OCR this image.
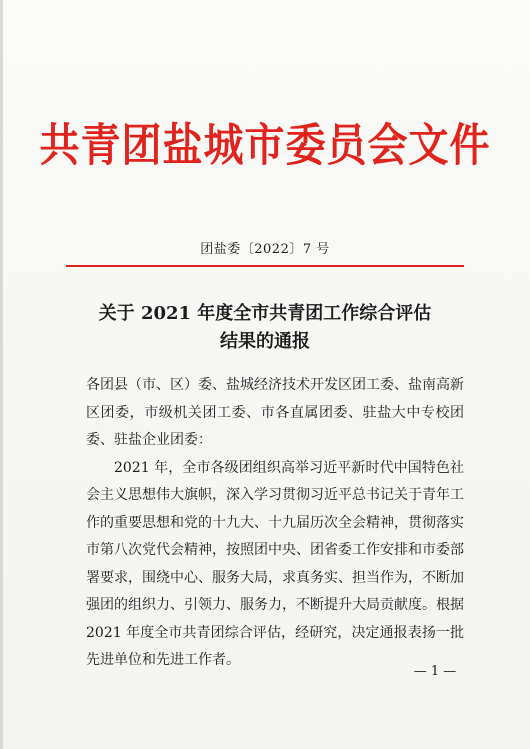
共青团盐城市委员会文件
团盐委〔2022〕7 号
关于 2021 年度全市共青团工作综合评估
结果的通报

各团县（市、区）委、盐城经济技术开发区团工委、盐南高新区团委，市级机关团工委、市各直属团委、驻盐大中专校团委、驻盐企业团委：

2021 年，全市各级团组织高举习近平新时代中国特色社会主义思想伟大旗帜，深入学习贯彻习近平总书记关于青年工作的重要思想和党的十九大、十九届历次全会精神，贯彻落实市第八次党代会精神，按照团中央、团省委工作安排和市委部署要求，围绕中心、服务大局，求真务实、担当作为，不断加强团的组织力、引领力、服务力，不断提升大局贡献度。根据 2021 年度全市共青团综合评估，经研究，决定通报表扬一批先进单位和先进工作者。

— 1 —
